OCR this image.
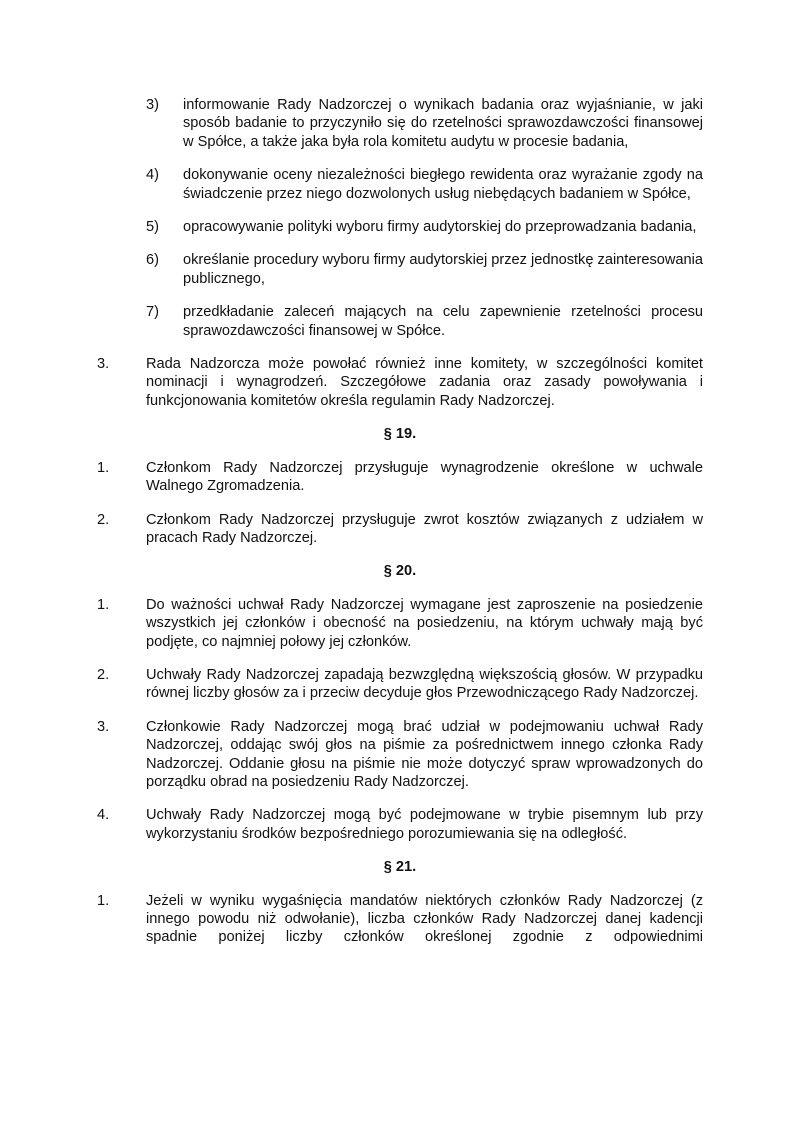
3) informowanie Rady Nadzorczej o wynikach badania oraz wyjaśnianie, w jaki sposób badanie to przyczyniło się do rzetelności sprawozdawczości finansowej w Spółce, a także jaka była rola komitetu audytu w procesie badania,
4) dokonywanie oceny niezależności biegłego rewidenta oraz wyrażanie zgody na świadczenie przez niego dozwolonych usług niebędących badaniem w Spółce,
5) opracowywanie polityki wyboru firmy audytorskiej do przeprowadzania badania,
6) określanie procedury wyboru firmy audytorskiej przez jednostkę zainteresowania publicznego,
7) przedkładanie zaleceń mających na celu zapewnienie rzetelności procesu sprawozdawczości finansowej w Spółce.
3.	Rada Nadzorcza może powołać również inne komitety, w szczególności komitet nominacji i wynagrodzeń. Szczegółowe zadania oraz zasady powoływania i funkcjonowania komitetów określa regulamin Rady Nadzorczej.
§ 19.
1.	Członkom Rady Nadzorczej przysługuje wynagrodzenie określone w uchwale Walnego Zgromadzenia.
2.	Członkom Rady Nadzorczej przysługuje zwrot kosztów związanych z udziałem w pracach Rady Nadzorczej.
§ 20.
1.	Do ważności uchwał Rady Nadzorczej wymagane jest zaproszenie na posiedzenie wszystkich jej członków i obecność na posiedzeniu, na którym uchwały mają być podjęte, co najmniej połowy jej członków.
2.	Uchwały Rady Nadzorczej zapadają bezwzględną większością głosów. W przypadku równej liczby głosów za i przeciw decyduje głos Przewodniczącego Rady Nadzorczej.
3.	Członkowie Rady Nadzorczej mogą brać udział w podejmowaniu uchwał Rady Nadzorczej, oddając swój głos na piśmie za pośrednictwem innego członka Rady Nadzorczej. Oddanie głosu na piśmie nie może dotyczyć spraw wprowadzonych do porządku obrad na posiedzeniu Rady Nadzorczej.
4.	Uchwały Rady Nadzorczej mogą być podejmowane w trybie pisemnym lub przy wykorzystaniu środków bezpośredniego porozumiewania się na odległość.
§ 21.
1.	Jeżeli w wyniku wygaśnięcia mandatów niektórych członków Rady Nadzorczej (z innego powodu niż odwołanie), liczba członków Rady Nadzorczej danej kadencji spadnie poniżej liczby członków określonej zgodnie z odpowiednimi
